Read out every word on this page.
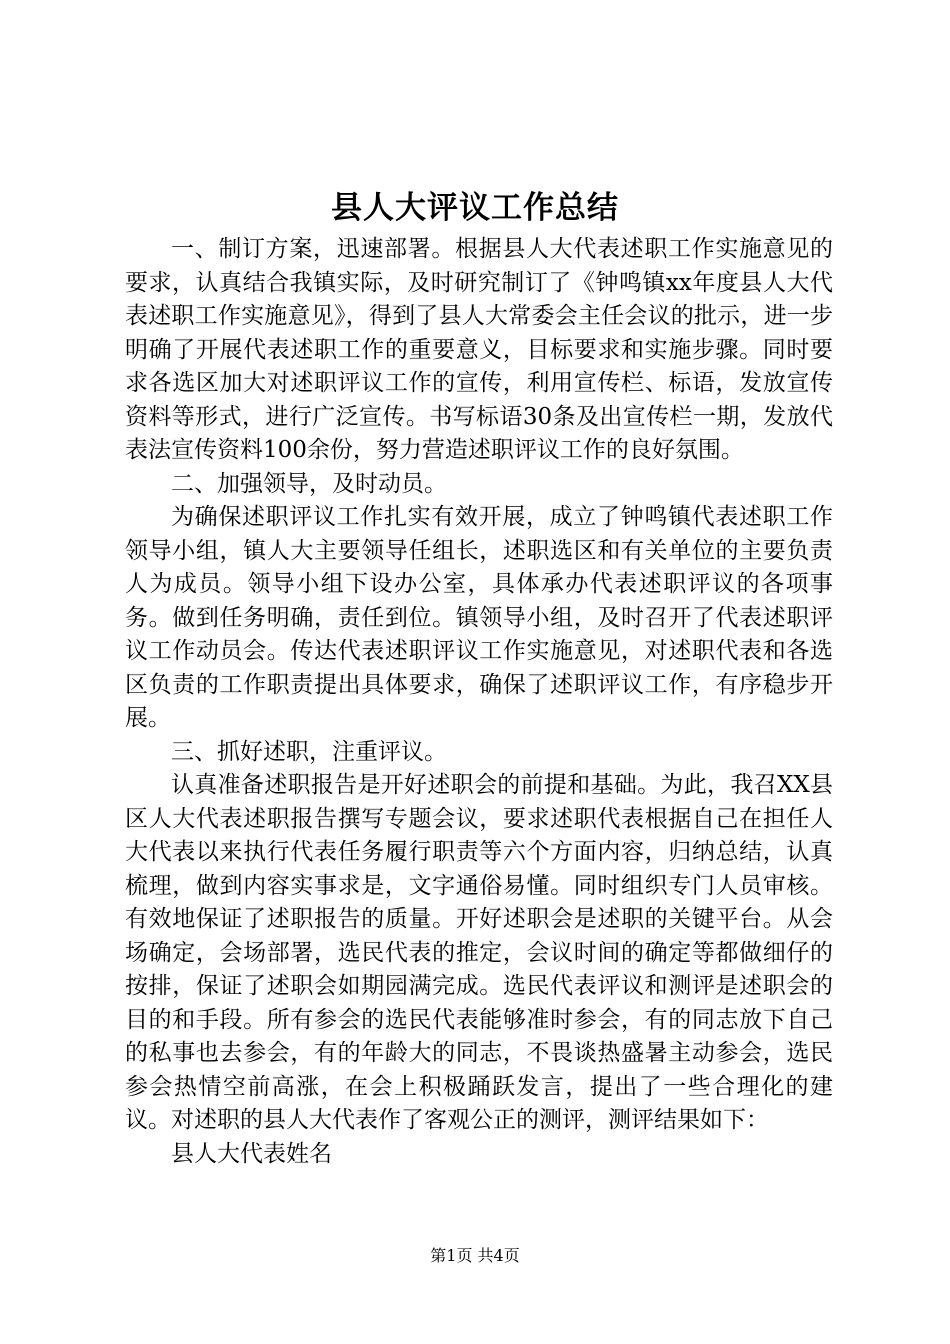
县人大评议工作总结

一、制订方案，迅速部署。根据县人大代表述职工作实施意见的要求，认真结合我镇实际，及时研究制订了《钟鸣镇xx年度县人大代表述职工作实施意见》，得到了县人大常委会主任会议的批示，进一步明确了开展代表述职工作的重要意义，目标要求和实施步骤。同时要求各选区加大对述职评议工作的宣传，利用宣传栏、标语，发放宣传资料等形式，进行广泛宣传。书写标语30条及出宣传栏一期，发放代表法宣传资料100余份，努力营造述职评议工作的良好氛围。

二、加强领导，及时动员。

为确保述职评议工作扎实有效开展，成立了钟鸣镇代表述职工作领导小组，镇人大主要领导任组长，述职选区和有关单位的主要负责人为成员。领导小组下设办公室，具体承办代表述职评议的各项事务。做到任务明确，责任到位。镇领导小组，及时召开了代表述职评议工作动员会。传达代表述职评议工作实施意见，对述职代表和各选区负责的工作职责提出具体要求，确保了述职评议工作，有序稳步开展。

三、抓好述职，注重评议。

认真准备述职报告是开好述职会的前提和基础。为此，我召XX县区人大代表述职报告撰写专题会议，要求述职代表根据自己在担任人大代表以来执行代表任务履行职责等六个方面内容，归纳总结，认真梳理，做到内容实事求是，文字通俗易懂。同时组织专门人员审核。有效地保证了述职报告的质量。开好述职会是述职的关键平台。从会场确定，会场部署，选民代表的推定，会议时间的确定等都做细仔的按排，保证了述职会如期园满完成。选民代表评议和测评是述职会的目的和手段。所有参会的选民代表能够准时参会，有的同志放下自己的私事也去参会，有的年龄大的同志，不畏谈热盛暑主动参会，选民参会热情空前高涨，在会上积极踊跃发言，提出了一些合理化的建议。对述职的县人大代表作了客观公正的测评，测评结果如下：

县人大代表姓名

第1页 共4页
